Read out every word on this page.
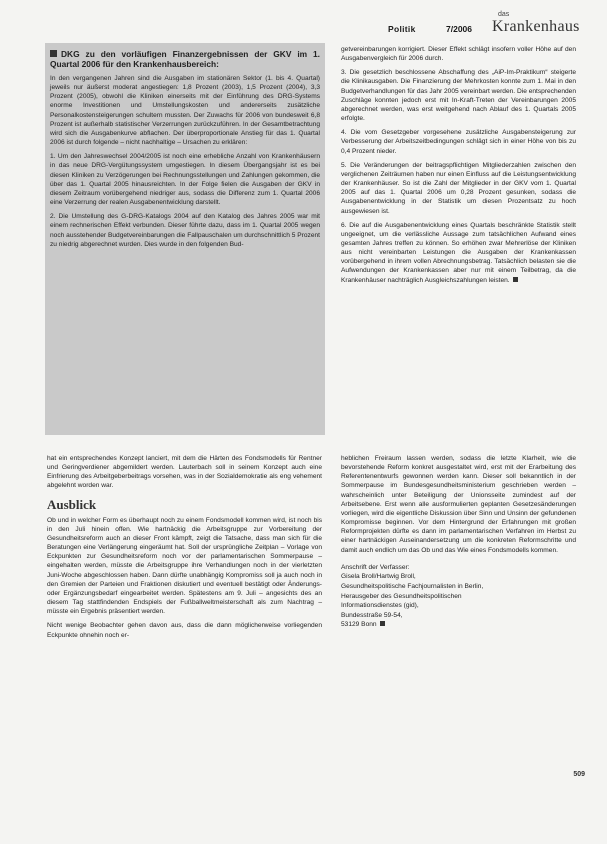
Politik	7/2006
das
Krankenhaus

DKG zu den vorläufigen Finanzergebnissen der GKV im 1. Quartal 2006 für den Krankenhausbereich:

In den vergangenen Jahren sind die Ausgaben im stationären Sektor (1. bis 4. Quartal) jeweils nur äußerst moderat angestiegen: 1,8 Prozent (2003), 1,5 Prozent (2004), 3,3 Prozent (2005), obwohl die Kliniken einerseits mit der Einführung des DRG-Systems enorme Investitionen und Umstellungskosten und andererseits zusätzliche Personalkostensteigerungen schultern mussten. Der Zuwachs für 2006 von bundesweit 6,8 Prozent ist außerhalb statistischer Verzerrungen zurückzuführen. In der Gesamtbetrachtung wird sich die Ausgabenkurve abflachen. Der überproportionale Anstieg für das 1. Quartal 2006 ist durch folgende – nicht nachhaltige – Ursachen zu erklären:

1. Um den Jahreswechsel 2004/2005 ist noch eine erhebliche Anzahl von Krankenhäusern in das neue DRG-Vergütungssystem umgestiegen. In diesem Übergangsjahr ist es bei diesen Kliniken zu Verzögerungen bei Rechnungsstellungen und Zahlungen gekommen, die über das 1. Quartal 2005 hinausreichten. In der Folge fielen die Ausgaben der GKV in diesem Zeitraum vorübergehend niedriger aus, sodass die Differenz zum 1. Quartal 2006 eine Verzerrung der realen Ausgabenentwicklung darstellt.

2. Die Umstellung des G-DRG-Katalogs 2004 auf den Katalog des Jahres 2005 war mit einem rechnerischen Effekt verbunden. Dieser führte dazu, dass im 1. Quartal 2005 wegen noch ausstehender Budgetvereinbarungen die Fallpauschalen um durchschnittlich 5 Prozent zu niedrig abgerechnet wurden. Dies wurde in den folgenden Bud-

getvereinbarungen korrigiert. Dieser Effekt schlägt insofern voller Höhe auf den Ausgabenvergleich für 2006 durch.

3. Die gesetzlich beschlossene Abschaffung des „AiP-Im-Praktikum“ steigerte die Klinikausgaben. Die Finanzierung der Mehrkosten konnte zum 1. Mai in den Budgetverhandlungen für das Jahr 2005 vereinbart werden. Die entsprechenden Zuschläge konnten jedoch erst mit In-Kraft-Treten der Vereinbarungen 2005 abgerechnet werden, was erst weitgehend nach Ablauf des 1. Quartals 2005 erfolgte.

4. Die vom Gesetzgeber vorgesehene zusätzliche Ausgabensteigerung zur Verbesserung der Arbeitszeitbedingungen schlägt sich in einer Höhe von bis zu 0,4 Prozent nieder.

5. Die Veränderungen der beitragspflichtigen Mitgliederzahlen zwischen den verglichenen Zeiträumen haben nur einen Einfluss auf die Leistungsentwicklung der Krankenhäuser. So ist die Zahl der Mitglieder in der GKV vom 1. Quartal 2005 auf das 1. Quartal 2006 um 0,28 Prozent gesunken, sodass die Ausgabenentwicklung in der Statistik um diesen Prozentsatz zu hoch ausgewiesen ist.

6. Die auf die Ausgabenentwicklung eines Quartals beschränkte Statistik stellt ungeeignet, um die verlässliche Aussage zum tatsächlichen Aufwand eines gesamten Jahres treffen zu können. So erhöhen zwar Mehrerlöse der Kliniken aus nicht vereinbarten Leistungen die Ausgaben der Krankenkassen vorübergehend in ihrem vollen Abrechnungsbetrag. Tatsächlich belasten sie die Aufwendungen der Krankenkassen aber nur mit einem Teilbetrag, da die Krankenhäuser nachträglich Ausgleichszahlungen leisten.

hat ein entsprechendes Konzept lanciert, mit dem die Härten des Fondsmodells für Rentner und Geringverdiener abgemildert werden. Lauterbach soll in seinem Konzept auch eine Einfrierung des Arbeitgeberbeitrags vorsehen, was in der Sozialdemokratie als eng vehement abgelehnt worden war.

Ausblick

Ob und in welcher Form es überhaupt noch zu einem Fondsmodell kommen wird, ist noch bis in den Juli hinein offen. Wie hartnäckig die Arbeitsgruppe zur Vorbereitung der Gesundheitsreform auch an dieser Front kämpft, zeigt die Tatsache, dass man sich für die Beratungen eine Verlängerung eingeräumt hat. Soll der ursprüngliche Zeitplan – Vorlage von Eckpunkten zur Gesundheitsreform noch vor der parlamentarischen Sommerpause – eingehalten werden, müsste die Arbeitsgruppe ihre Verhandlungen noch in der vierletzten Juni-Woche abgeschlossen haben. Dann dürfte unabhängig Kompromiss soll ja auch noch in den Gremien der Parteien und Fraktionen diskutiert und eventuell bestätigt oder Änderungs- oder Ergänzungsbedarf eingearbeitet werden. Spätestens am 9. Juli – angesichts des an diesem Tag stattfindenden Endspiels der Fußballweltmeisterschaft als zum Nachtrag – müsste ein Ergebnis präsentiert werden.

Nicht wenige Beobachter gehen davon aus, dass die dann möglicherweise vorliegenden Eckpunkte ohnehin noch er-

heblichen Freiraum lassen werden, sodass die letzte Klarheit, wie die bevorstehende Reform konkret ausgestaltet wird, erst mit der Erarbeitung des Referentenentwurfs gewonnen werden kann. Dieser soll bekanntlich in der Sommerpause im Bundesgesundheitsministerium geschrieben werden – wahrscheinlich unter Beteiligung der Unionsseite zumindest auf der Arbeitsebene. Erst wenn alle ausformulierten geplanten Gesetzesänderungen vorliegen, wird die eigentliche Diskussion über Sinn und Unsinn der gefundenen Kompromisse beginnen. Vor dem Hintergrund der Erfahrungen mit großen Reformprojekten dürfte es dann im parlamentarischen Verfahren im Herbst zu einer hartnäckigen Auseinandersetzung um die konkreten Reformschritte und damit auch endlich um das Ob und das Wie eines Fondsmodells kommen.

Anschrift der Verfasser:
Gisela Broll/Hartwig Broll,
Gesundheitspolitische Fachjournalisten in Berlin,
Herausgeber des Gesundheitspolitischen
Informationsdienstes (gid),
Bundesstraße 59-54,
53129 Bonn
509
